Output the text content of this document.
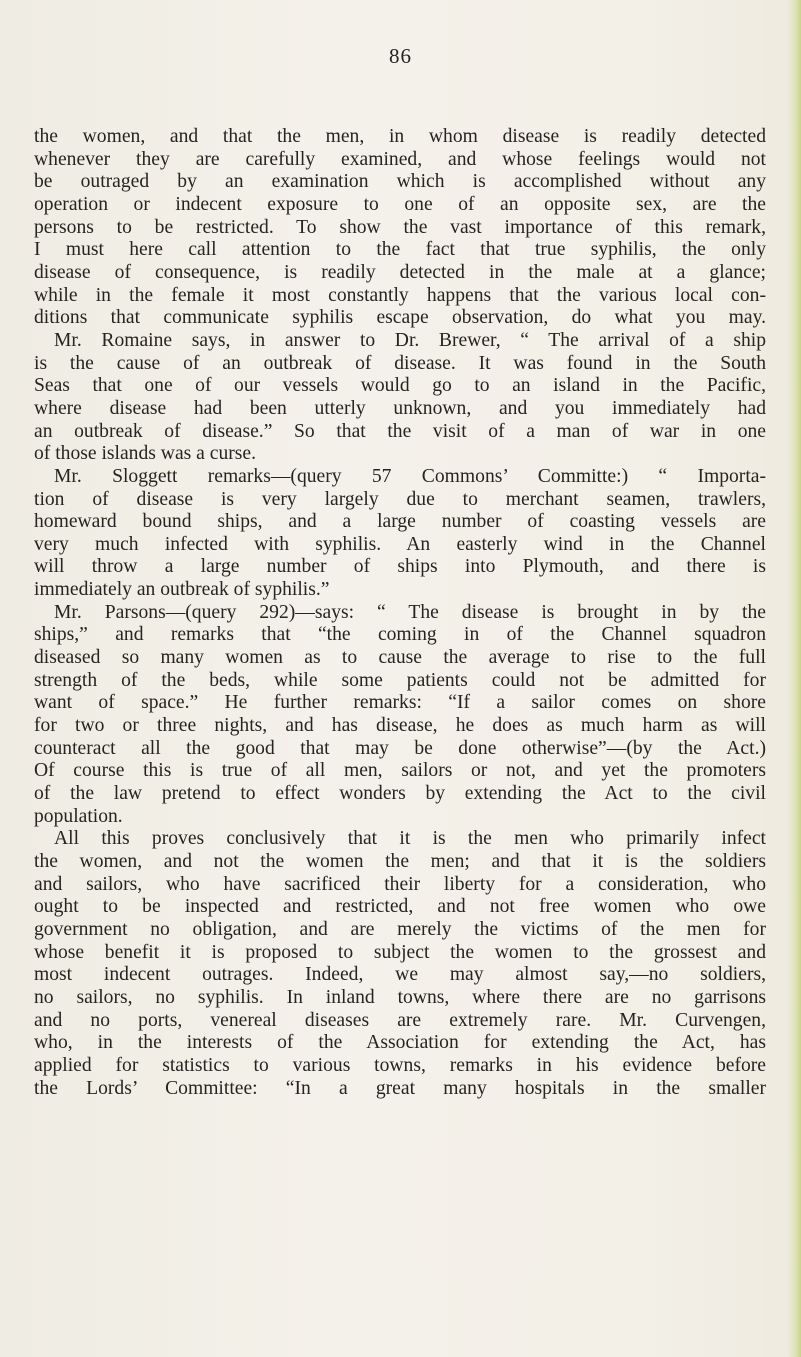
86
the women, and that the men, in whom disease is readily detected
whenever they are carefully examined, and whose feelings would not
be outraged by an examination which is accomplished without any
operation or indecent exposure to one of an opposite sex, are the
persons to be restricted. To show the vast importance of this remark,
I must here call attention to the fact that true syphilis, the only
disease of consequence, is readily detected in the male at a glance;
while in the female it most constantly happens that the various local con-
ditions that communicate syphilis escape observation, do what you may.
Mr. Romaine says, in answer to Dr. Brewer, “ The arrival of a ship
is the cause of an outbreak of disease. It was found in the South
Seas that one of our vessels would go to an island in the Pacific,
where disease had been utterly unknown, and you immediately had
an outbreak of disease.” So that the visit of a man of war in one
of those islands was a curse.
Mr. Sloggett remarks—(query 57 Commons’ Committe:) “ Importa-
tion of disease is very largely due to merchant seamen, trawlers,
homeward bound ships, and a large number of coasting vessels are
very much infected with syphilis. An easterly wind in the Channel
will throw a large number of ships into Plymouth, and there is
immediately an outbreak of syphilis.”
Mr. Parsons—(query 292)—says: “ The disease is brought in by the
ships,” and remarks that “the coming in of the Channel squadron
diseased so many women as to cause the average to rise to the full
strength of the beds, while some patients could not be admitted for
want of space.” He further remarks: “If a sailor comes on shore
for two or three nights, and has disease, he does as much harm as will
counteract all the good that may be done otherwise”—(by the Act.)
Of course this is true of all men, sailors or not, and yet the promoters
of the law pretend to effect wonders by extending the Act to the civil
population.
All this proves conclusively that it is the men who primarily infect
the women, and not the women the men; and that it is the soldiers
and sailors, who have sacrificed their liberty for a consideration, who
ought to be inspected and restricted, and not free women who owe
government no obligation, and are merely the victims of the men for
whose benefit it is proposed to subject the women to the grossest and
most indecent outrages. Indeed, we may almost say,—no soldiers,
no sailors, no syphilis. In inland towns, where there are no garrisons
and no ports, venereal diseases are extremely rare. Mr. Curvengen,
who, in the interests of the Association for extending the Act, has
applied for statistics to various towns, remarks in his evidence before
the Lords’ Committee: “In a great many hospitals in the smaller
